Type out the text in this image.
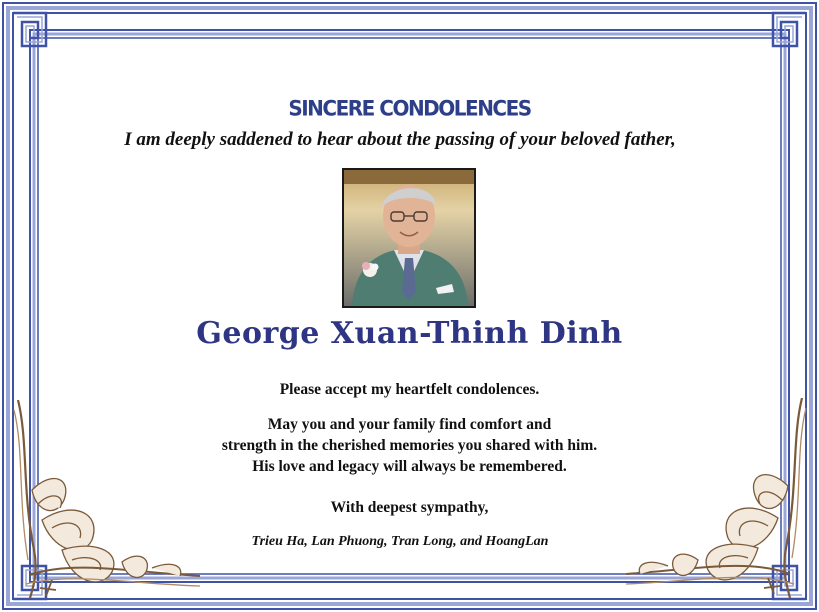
SINCERE CONDOLENCES
I am deeply saddened to hear about the passing of your beloved father,
George Xuan-Thinh Dinh
Please accept my heartfelt condolences.
May you and your family find comfort and
strength in the cherished memories you shared with him.
His love and legacy will always be remembered.
With deepest sympathy,
Trieu Ha, Lan Phuong, Tran Long, and HoangLan
